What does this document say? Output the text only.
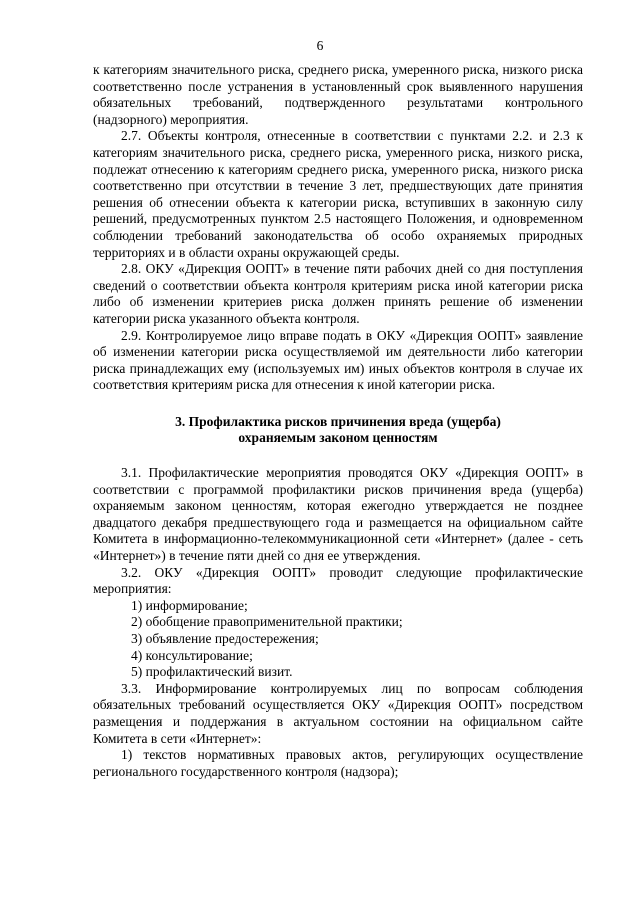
6

к категориям значительного риска, среднего риска, умеренного риска, низкого риска соответственно после устранения в установленный срок выявленного нарушения обязательных требований, подтвержденного результатами контрольного (надзорного) мероприятия.

2.7. Объекты контроля, отнесенные в соответствии с пунктами 2.2. и 2.3 к категориям значительного риска, среднего риска, умеренного риска, низкого риска, подлежат отнесению к категориям среднего риска, умеренного риска, низкого риска соответственно при отсутствии в течение 3 лет, предшествующих дате принятия решения об отнесении объекта к категории риска, вступивших в законную силу решений, предусмотренных пунктом 2.5 настоящего Положения, и одновременном соблюдении требований законодательства об особо охраняемых природных территориях и в области охраны окружающей среды.

2.8. ОКУ «Дирекция ООПТ» в течение пяти рабочих дней со дня поступления сведений о соответствии объекта контроля критериям риска иной категории риска либо об изменении критериев риска должен принять решение об изменении категории риска указанного объекта контроля.

2.9. Контролируемое лицо вправе подать в ОКУ «Дирекция ООПТ» заявление об изменении категории риска осуществляемой им деятельности либо категории риска принадлежащих ему (используемых им) иных объектов контроля в случае их соответствия критериям риска для отнесения к иной категории риска.

3. Профилактика рисков причинения вреда (ущерба)
охраняемым законом ценностям

3.1. Профилактические мероприятия проводятся ОКУ «Дирекция ООПТ» в соответствии с программой профилактики рисков причинения вреда (ущерба) охраняемым законом ценностям, которая ежегодно утверждается не позднее двадцатого декабря предшествующего года и размещается на официальном сайте Комитета в информационно-телекоммуникационной сети «Интернет» (далее - сеть «Интернет») в течение пяти дней со дня ее утверждения.

3.2. ОКУ «Дирекция ООПТ» проводит следующие профилактические мероприятия:

1) информирование;

2) обобщение правоприменительной практики;

3) объявление предостережения;

4) консультирование;

5) профилактический визит.

3.3. Информирование контролируемых лиц по вопросам соблюдения обязательных требований осуществляется ОКУ «Дирекция ООПТ» посредством размещения и поддержания в актуальном состоянии на официальном сайте Комитета в сети «Интернет»:

1) текстов нормативных правовых актов, регулирующих осуществление регионального государственного контроля (надзора);
